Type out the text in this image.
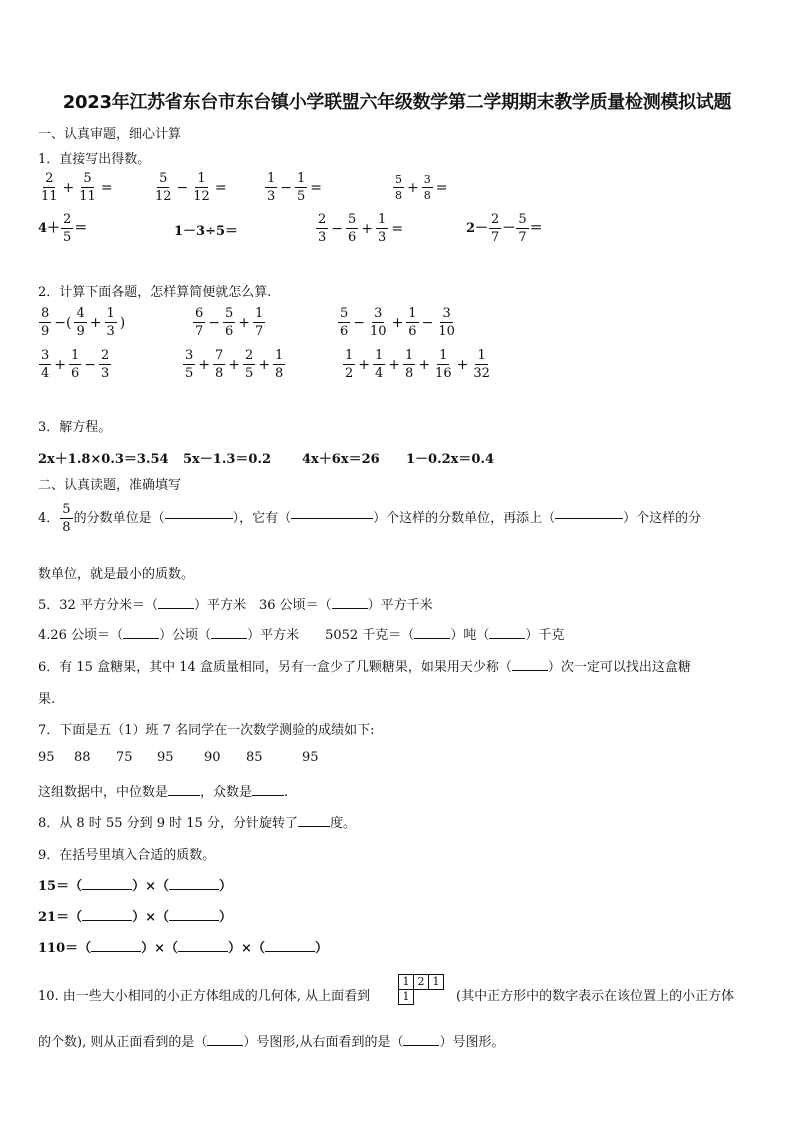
2023年江苏省东台市东台镇小学联盟六年级数学第二学期期末教学质量检测模拟试题
一、认真审题，细心计算
1．直接写出得数。
$\frac{2}{11} + \frac{5}{11}$ =	$\frac{5}{12} - \frac{1}{12}$ =	$\frac{1}{3} - \frac{1}{5}$ =	$\frac{5}{8} + \frac{3}{8}$ =
$4+ \frac{2}{5}$ ＝	1－3÷5＝	$\frac{2}{3} - \frac{5}{6} + \frac{1}{3}$ =	$2- \frac{2}{7} - \frac{5}{7}$ ＝
2．计算下面各题，怎样算简便就怎么算.
$\frac{8}{9}$ −( $\frac{4}{9} + \frac{1}{3}$ )	$\frac{6}{7} - \frac{5}{6} + \frac{1}{7}$	$\frac{5}{6} - \frac{3}{10} + \frac{1}{6} - \frac{3}{10}$
$\frac{3}{4} + \frac{1}{6} - \frac{2}{3}$	$\frac{3}{5} + \frac{7}{8} + \frac{2}{5} + \frac{1}{8}$	$\frac{1}{2} + \frac{1}{4} + \frac{1}{8} + \frac{1}{16} + \frac{1}{32}$
3．解方程。
2x＋1.8×0.3＝3.54 5x－1.3＝0.2 4x＋6x＝26 1－0.2x＝0.4
二、认真读题，准确填写
4． $\frac{5}{8}$ 的分数单位是（	），它有（	）个这样的分数单位，再添上（	）个这样的分
数单位，就是最小的质数。
5．32 平方分米＝（	）平方米　36 公顷＝（	）平方千米
4.26 公顷＝（	）公顷（	）平方米　　5052 千克＝（	）吨（	）千克
6．有 15 盒糖果，其中 14 盒质量相同，另有一盒少了几颗糖果，如果用天少称（	）次一定可以找出这盒糖
果.
7．下面是五（1）班 7 名同学在一次数学测验的成绩如下:
95 88 75 95 90 85	95
这组数据中，中位数是 ，众数是 .
8．从 8 时 55 分到 9 时 15 分，分针旋转了 度。
9．在括号里填入合适的质数。
15＝（	）×（	）
21＝（	）×（	）
110＝（	）×（	）×（	）
10. 由一些大小相同的小正方体组成的几何体, 从上面看到
1	2	1
1			(其中正方形中的数字表示在该位置上的小正方体
的个数), 则从正面看到的是（	）号图形,从右面看到的是（	）号图形。
